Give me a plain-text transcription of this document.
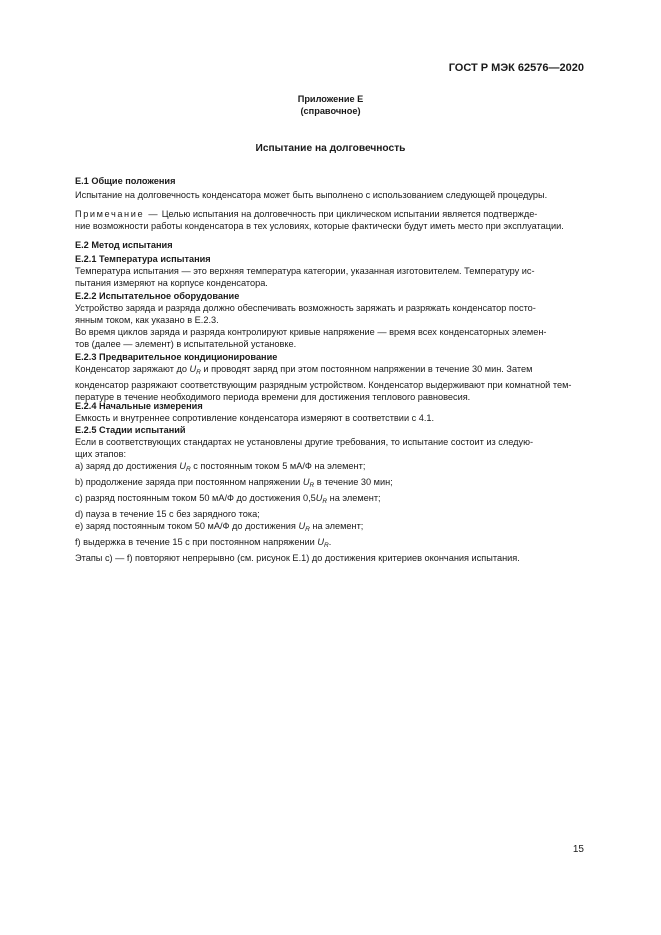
ГОСТ Р МЭК 62576—2020
Приложение Е
(справочное)
Испытание на долговечность
Е.1 Общие положения
Испытание на долговечность конденсатора может быть выполнено с использованием следующей процедуры.
Примечание — Целью испытания на долговечность при циклическом испытании является подтвержде-
ние возможности работы конденсатора в тех условиях, которые фактически будут иметь место при эксплуатации.
Е.2 Метод испытания
Е.2.1 Температура испытания
Температура испытания — это верхняя температура категории, указанная изготовителем. Температуру ис-
пытания измеряют на корпусе конденсатора.
Е.2.2 Испытательное оборудование
Устройство заряда и разряда должно обеспечивать возможность заряжать и разряжать конденсатор посто-
янным током, как указано в Е.2.3.
Во время циклов заряда и разряда контролируют кривые напряжение — время всех конденсаторных элемен-
тов (далее — элемент) в испытательной установке.
Е.2.3 Предварительное кондиционирование
Конденсатор заряжают до $U_R$ и проводят заряд при этом постоянном напряжении в течение 30 мин. Затем
конденсатор разряжают соответствующим разрядным устройством. Конденсатор выдерживают при комнатной тем-
пературе в течение необходимого периода времени для достижения теплового равновесия.
Е.2.4 Начальные измерения
Емкость и внутреннее сопротивление конденсатора измеряют в соответствии с 4.1.
Е.2.5 Стадии испытаний
Если в соответствующих стандартах не установлены другие требования, то испытание состоит из следую-
щих этапов:
а) заряд до достижения $U_R$ с постоянным током 5 мА/Ф на элемент;
b) продолжение заряда при постоянном напряжении $U_R$ в течение 30 мин;
с) разряд постоянным током 50 мА/Ф до достижения $0,5U_R$ на элемент;
d) пауза в течение 15 с без зарядного тока;
е) заряд постоянным током 50 мА/Ф до достижения $U_R$ на элемент;
f) выдержка в течение 15 с при постоянном напряжении $U_R$.
Этапы с) — f) повторяют непрерывно (см. рисунок Е.1) до достижения критериев окончания испытания.
15
